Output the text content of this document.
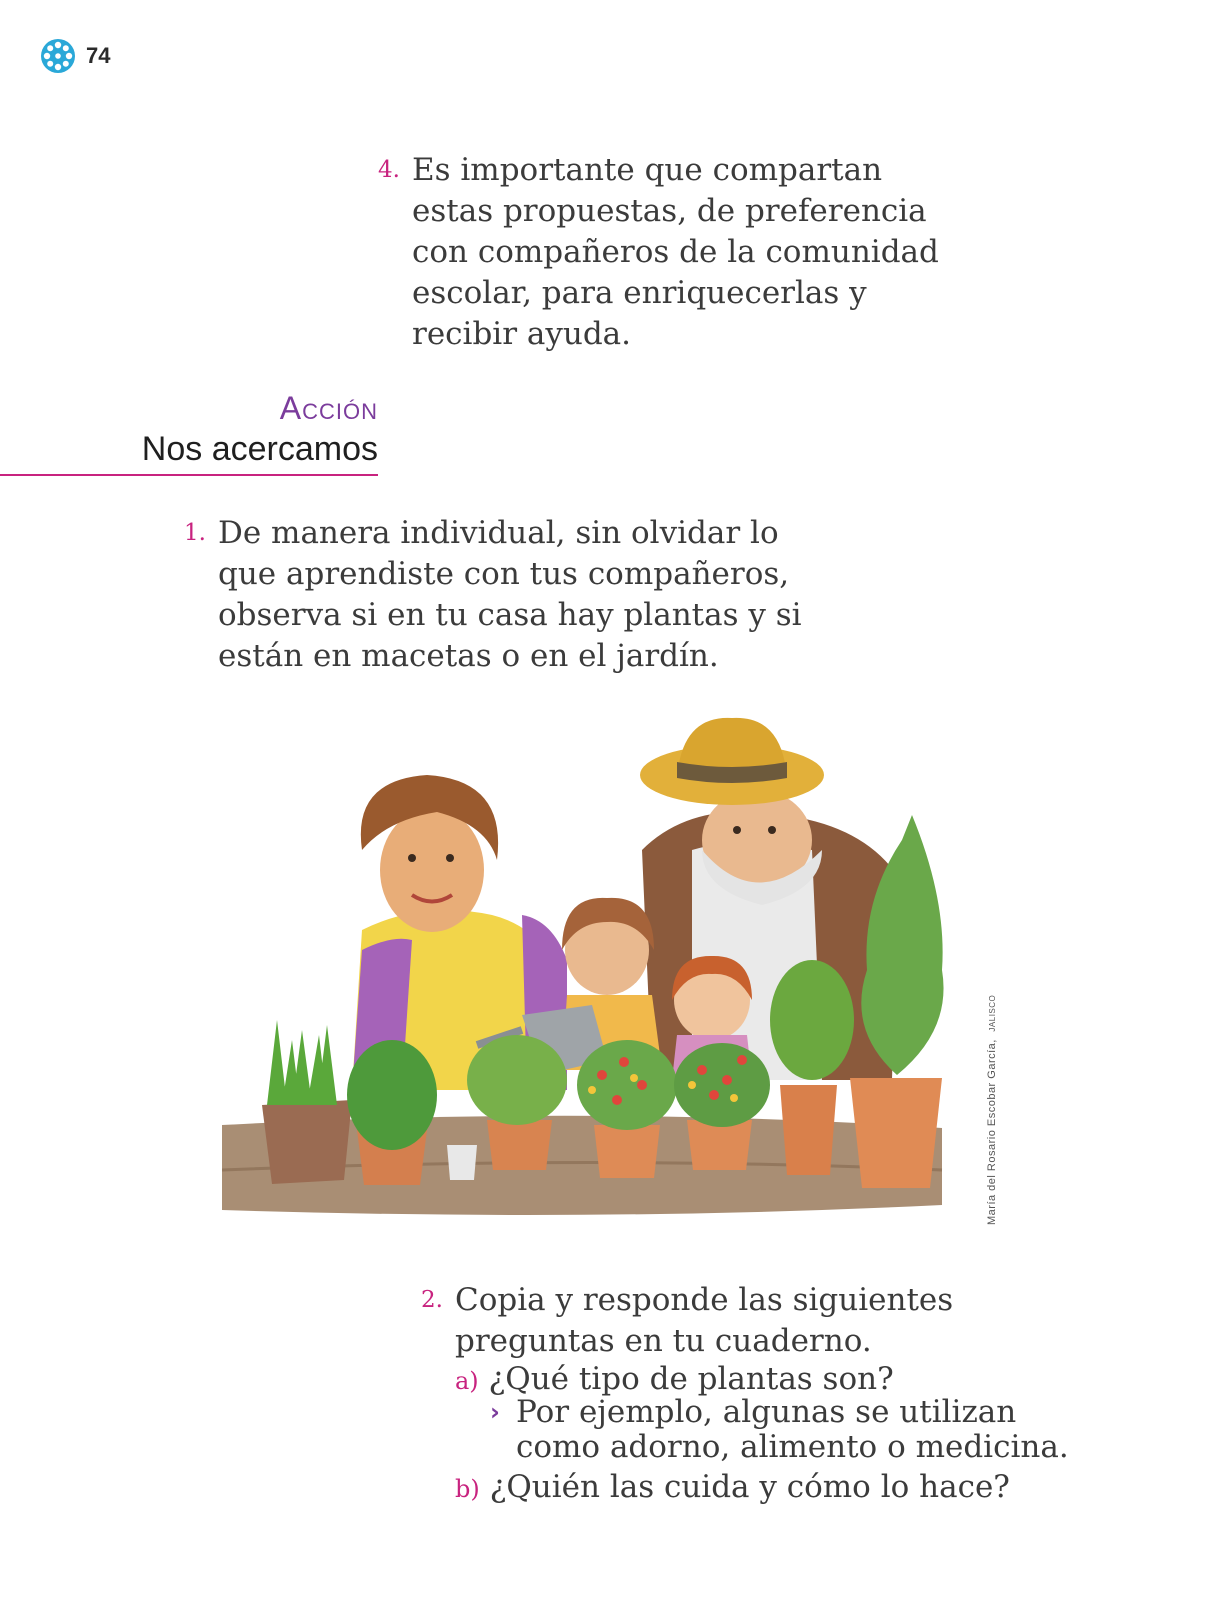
74
4. Es importante que compartan
estas propuestas, de preferencia
con compañeros de la comunidad
escolar, para enriquecerlas y
recibir ayuda.
Acción
Nos acercamos
1. De manera individual, sin olvidar lo
que aprendiste con tus compañeros,
observa si en tu casa hay plantas y si
están en macetas o en el jardín.
María del Rosario Escobar García, JALISCO
2. Copia y responde las siguientes
preguntas en tu cuaderno.
a) ¿Qué tipo de plantas son?
› Por ejemplo, algunas se utilizan
como adorno, alimento o medicina.
b) ¿Quién las cuida y cómo lo hace?
